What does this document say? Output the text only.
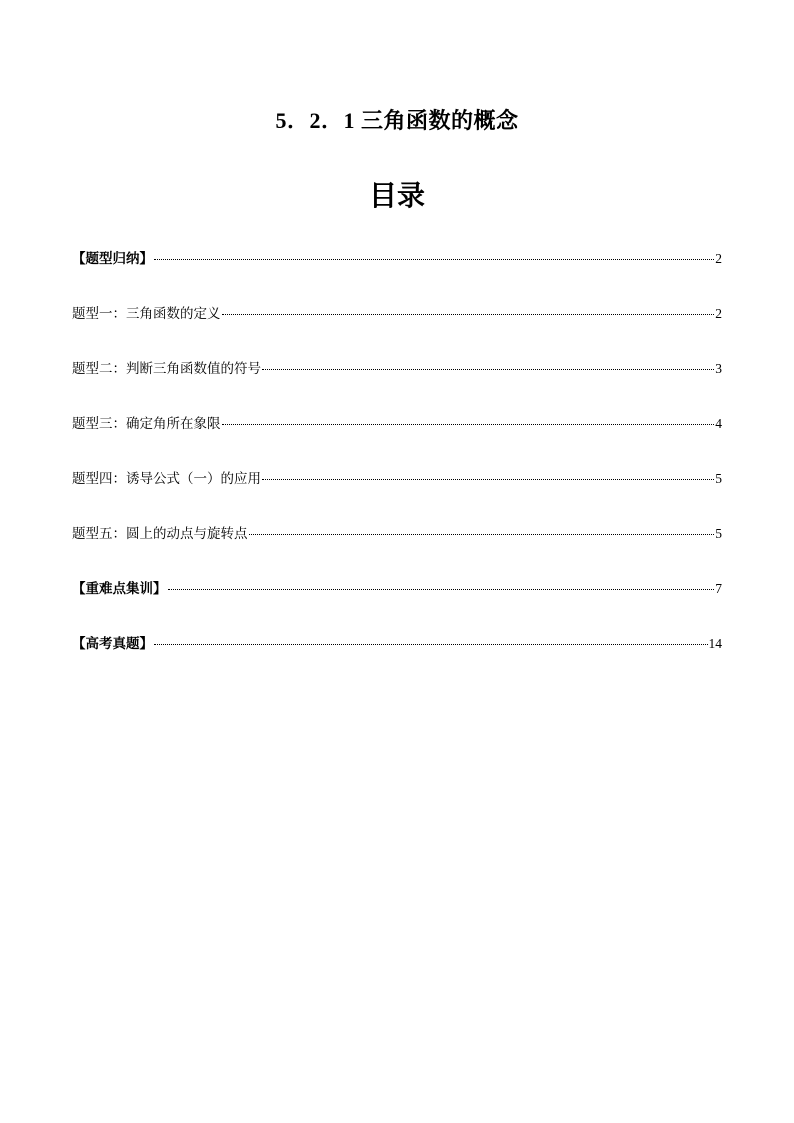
5．2．1 三角函数的概念
目录
【题型归纳】	2
题型一：三角函数的定义	2
题型二：判断三角函数值的符号	3
题型三：确定角所在象限	4
题型四：诱导公式（一）的应用	5
题型五：圆上的动点与旋转点	5
【重难点集训】	7
【高考真题】	14
